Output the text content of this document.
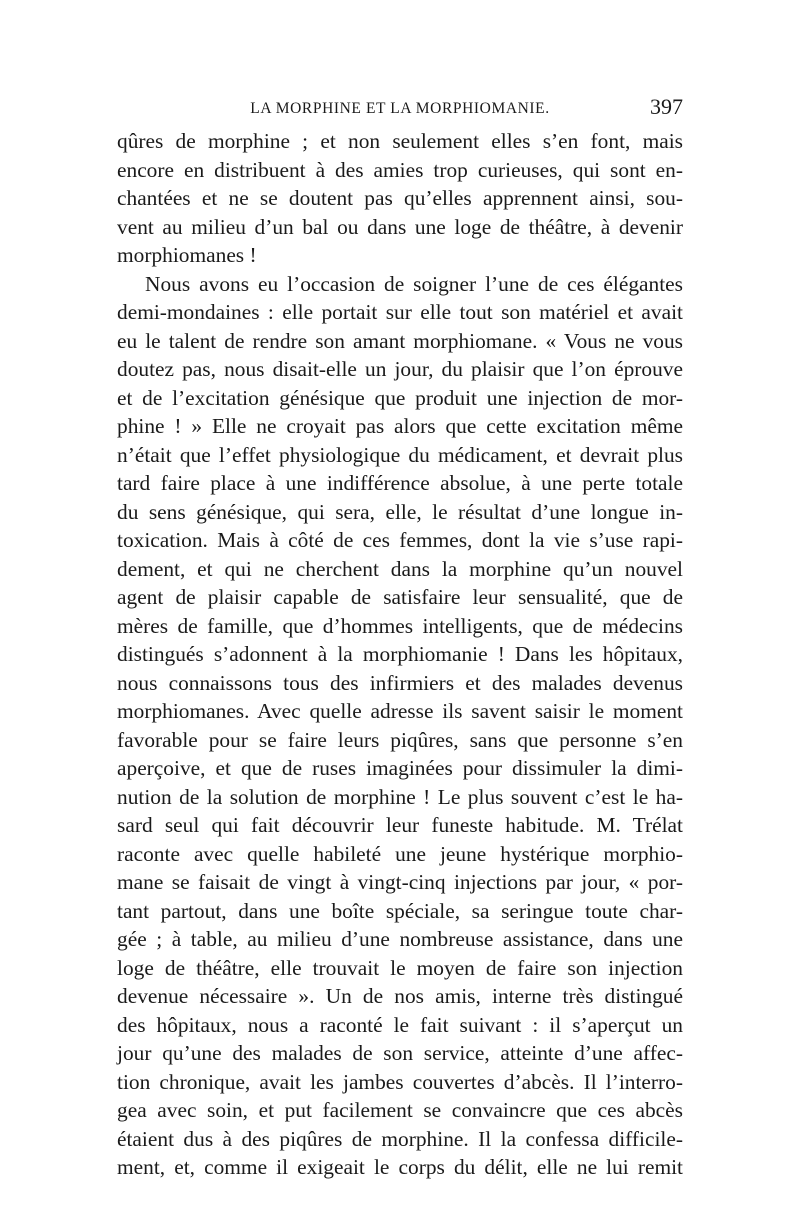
LA MORPHINE ET LA MORPHIOMANIE.	397
qûres de morphine ; et non seulement elles s’en font, mais
encore en distribuent à des amies trop curieuses, qui sont en-
chantées et ne se doutent pas qu’elles apprennent ainsi, sou-
vent au milieu d’un bal ou dans une loge de théâtre, à devenir
morphiomanes !
Nous avons eu l’occasion de soigner l’une de ces élégantes
demi-mondaines : elle portait sur elle tout son matériel et avait
eu le talent de rendre son amant morphiomane. « Vous ne vous
doutez pas, nous disait-elle un jour, du plaisir que l’on éprouve
et de l’excitation génésique que produit une injection de mor-
phine ! » Elle ne croyait pas alors que cette excitation même
n’était que l’effet physiologique du médicament, et devrait plus
tard faire place à une indifférence absolue, à une perte totale
du sens génésique, qui sera, elle, le résultat d’une longue in-
toxication. Mais à côté de ces femmes, dont la vie s’use rapi-
dement, et qui ne cherchent dans la morphine qu’un nouvel
agent de plaisir capable de satisfaire leur sensualité, que de
mères de famille, que d’hommes intelligents, que de médecins
distingués s’adonnent à la morphiomanie ! Dans les hôpitaux,
nous connaissons tous des infirmiers et des malades devenus
morphiomanes. Avec quelle adresse ils savent saisir le moment
favorable pour se faire leurs piqûres, sans que personne s’en
aperçoive, et que de ruses imaginées pour dissimuler la dimi-
nution de la solution de morphine ! Le plus souvent c’est le ha-
sard seul qui fait découvrir leur funeste habitude. M. Trélat
raconte avec quelle habileté une jeune hystérique morphio-
mane se faisait de vingt à vingt-cinq injections par jour, « por-
tant partout, dans une boîte spéciale, sa seringue toute char-
gée ; à table, au milieu d’une nombreuse assistance, dans une
loge de théâtre, elle trouvait le moyen de faire son injection
devenue nécessaire ». Un de nos amis, interne très distingué
des hôpitaux, nous a raconté le fait suivant : il s’aperçut un
jour qu’une des malades de son service, atteinte d’une affec-
tion chronique, avait les jambes couvertes d’abcès. Il l’interro-
gea avec soin, et put facilement se convaincre que ces abcès
étaient dus à des piqûres de morphine. Il la confessa difficile-
ment, et, comme il exigeait le corps du délit, elle ne lui remit
